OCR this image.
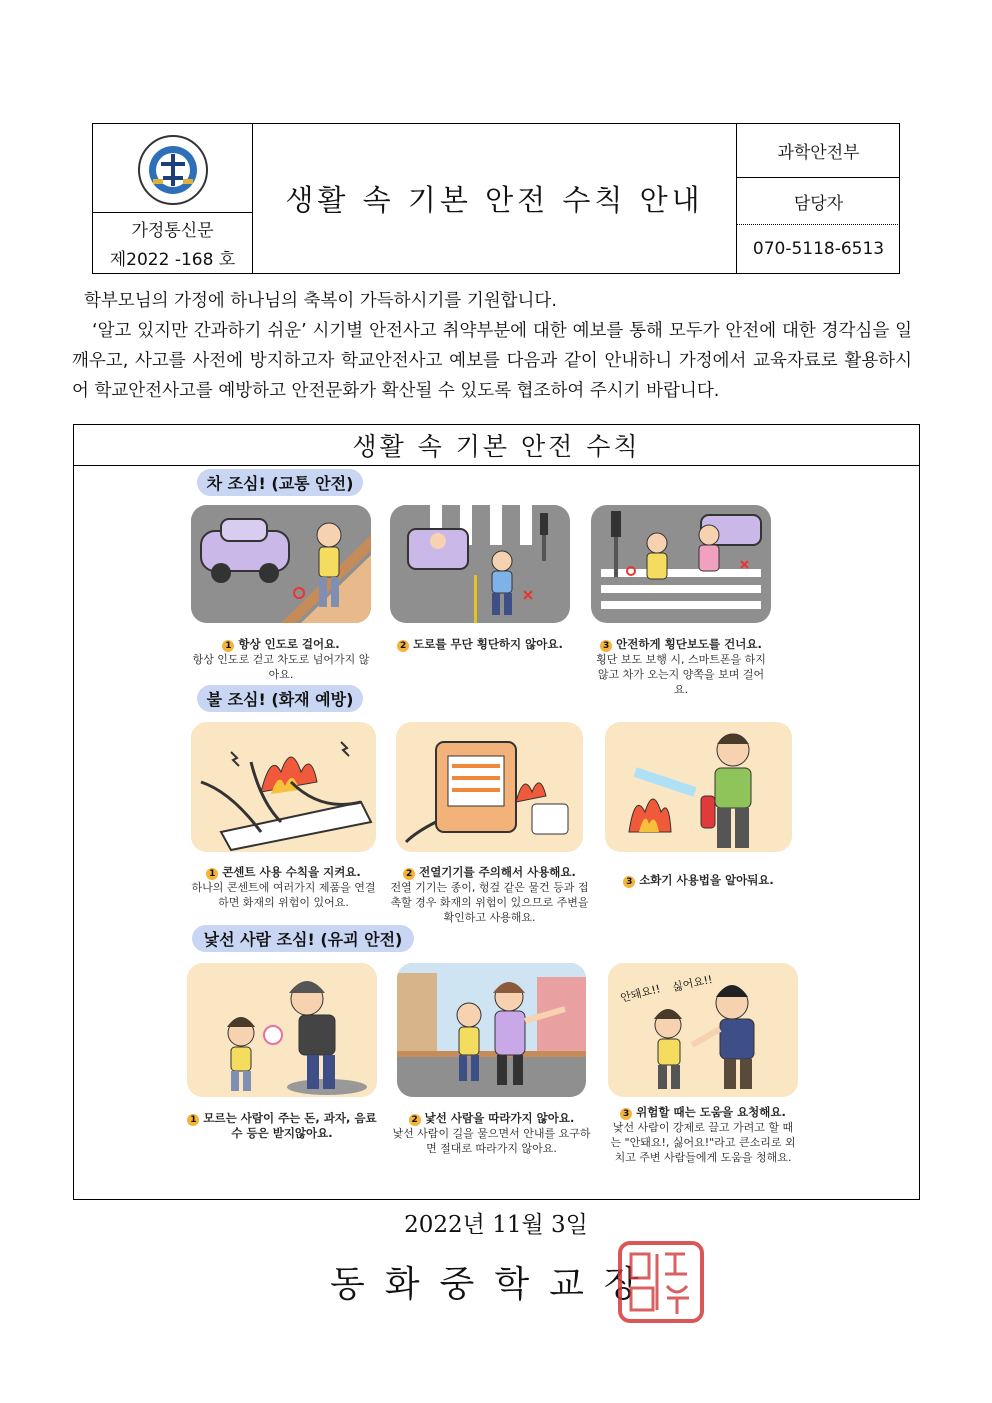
가정통신문
제2022 -168 호
생활 속 기본 안전 수칙 안내
과학안전부
담당자
070-5118-6513
학부모님의 가정에 하나님의 축복이 가득하시기를 기원합니다.
‘알고 있지만 간과하기 쉬운’ 시기별 안전사고 취약부분에 대한 예보를 통해 모두가 안전에 대한 경각심을 일깨우고, 사고를 사전에 방지하고자 학교안전사고 예보를 다음과 같이 안내하니 가정에서 교육자료로 활용하시어 학교안전사고를 예방하고 안전문화가 확산될 수 있도록 협조하여 주시기 바랍니다.
생활 속 기본 안전 수칙
차 조심! (교통 안전)
1 항상 인도로 걸어요.
항상 인도로 걷고 차도로 넘어가지 않아요.
2 도로를 무단 횡단하지 않아요.	3 안전하게 횡단보도를 건너요.
횡단 보도 보행 시, 스마트폰을 하지 않고 차가 오는지 양쪽을 보며 걸어요.
불 조심! (화재 예방)
1 콘센트 사용 수칙을 지켜요.
하나의 콘센트에 여러가지 제품을 연결하면 화재의 위험이 있어요.
2 전열기기를 주의해서 사용해요.
전열 기기는 종이, 헝겊 같은 물건 등과 접촉할 경우 화재의 위험이 있으므로 주변을 확인하고 사용해요.
3 소화기 사용법을 알아둬요.
낯선 사람 조심! (유괴 안전)
1 모르는 사람이 주는 돈, 과자, 음료수 등은 받지않아요.
2 낯선 사람을 따라가지 않아요.
낯선 사람이 길을 물으면서 안내를 요구하면 절대로 따라가지 않아요.
안돼요!! 싫어요!!
3 위험할 때는 도움을 요청해요.
낯선 사람이 강제로 끌고 가려고 할 때는 "안돼요!, 싫어요!"라고 큰소리로 외치고 주변 사람들에게 도움을 청해요.
2022년 11월 3일
동화중학교장
